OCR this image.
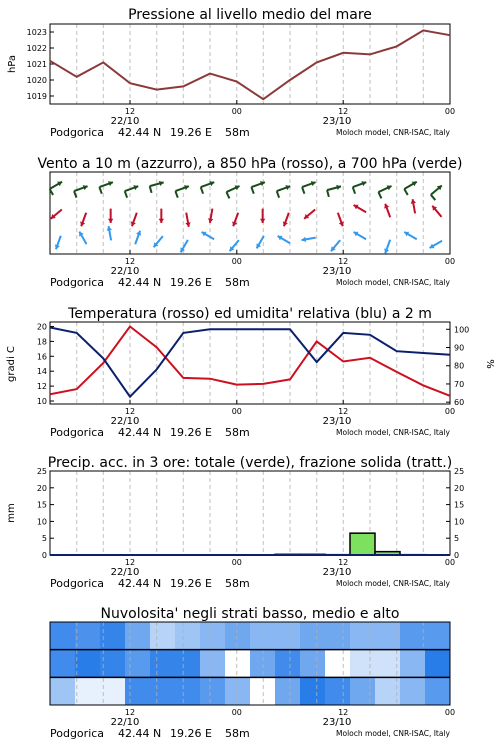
Pressione al livello medio del mare
1019
1020
1021
1022
1023
hPa
12	00	12	00
22/10	23/10
Podgorica 42.44 N 19.26 E 58m	Moloch model, CNR-ISAC, Italy
Vento a 10 m (azzurro), a 850 hPa (rosso), a 700 hPa (verde)
12	00	12	00
22/10	23/10
Podgorica 42.44 N 19.26 E 58m	Moloch model, CNR-ISAC, Italy
Temperatura (rosso) ed umidita' relativa (blu) a 2 m
10
12
14
16
18
20
60
70
80
90
100
gradi C	%
12	00	12	00
22/10	23/10
Podgorica 42.44 N 19.26 E 58m	Moloch model, CNR-ISAC, Italy
Precip. acc. in 3 ore: totale (verde), frazione solida (tratt.)
0	0
5	5
10	10
15	15
20	20
25	25
mm
12	00	12	00
22/10	23/10
Podgorica 42.44 N 19.26 E 58m	Moloch model, CNR-ISAC, Italy
Nuvolosita' negli strati basso, medio e alto
12	00	12	00
22/10	23/10
Podgorica 42.44 N 19.26 E 58m	Moloch model, CNR-ISAC, Italy
